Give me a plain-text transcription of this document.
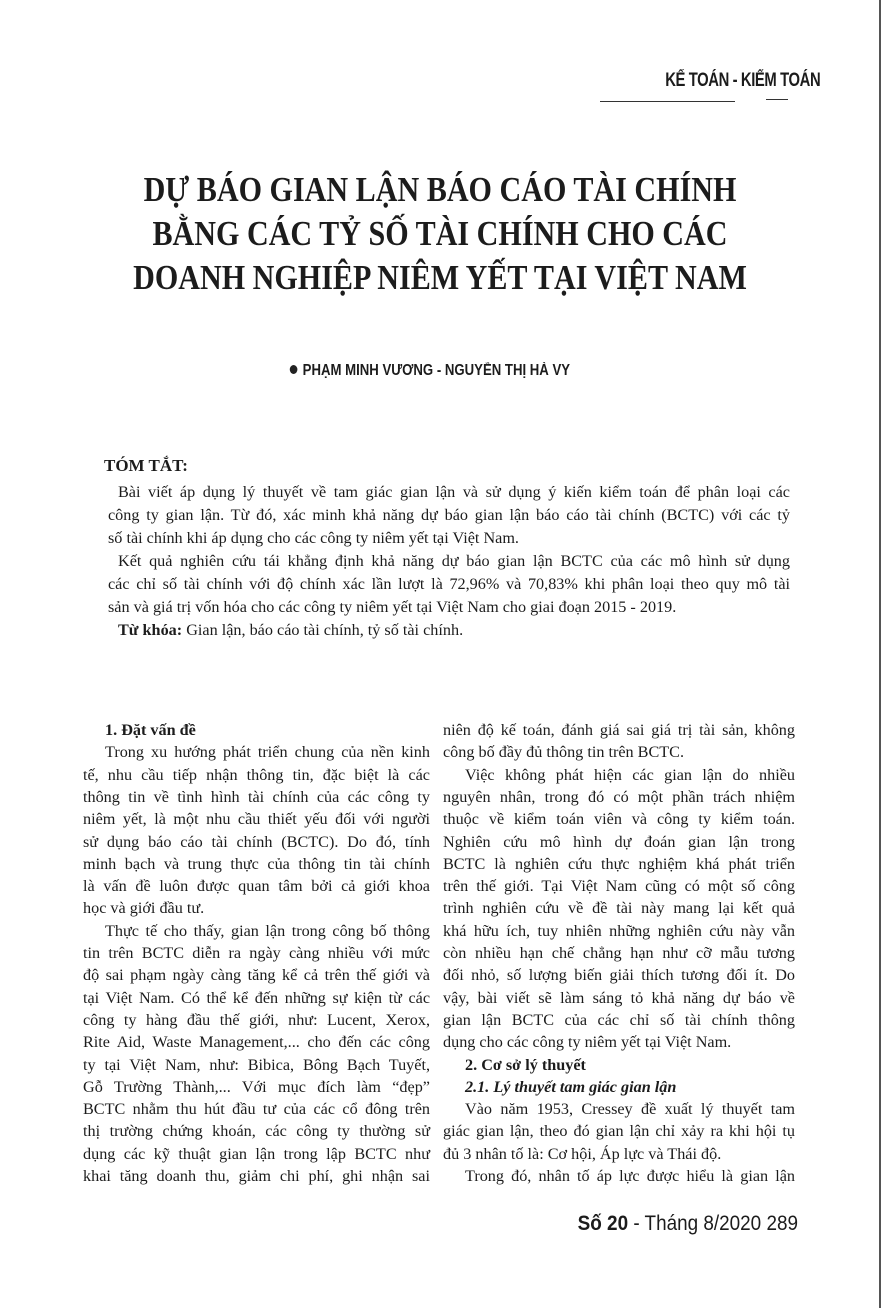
KẾ TOÁN - KIỂM TOÁN
DỰ BÁO GIAN LẬN BÁO CÁO TÀI CHÍNH
BẰNG CÁC TỶ SỐ TÀI CHÍNH CHO CÁC
DOANH NGHIỆP NIÊM YẾT TẠI VIỆT NAM
PHẠM MINH VƯƠNG - NGUYỄN THỊ HÀ VY
TÓM TẮT:
Bài viết áp dụng lý thuyết về tam giác gian lận và sử dụng ý kiến kiểm toán để phân loại các
công ty gian lận. Từ đó, xác minh khả năng dự báo gian lận báo cáo tài chính (BCTC) với các tỷ
số tài chính khi áp dụng cho các công ty niêm yết tại Việt Nam.
Kết quả nghiên cứu tái khẳng định khả năng dự báo gian lận BCTC của các mô hình sử dụng
các chỉ số tài chính với độ chính xác lần lượt là 72,96% và 70,83% khi phân loại theo quy mô tài
sản và giá trị vốn hóa cho các công ty niêm yết tại Việt Nam cho giai đoạn 2015 - 2019.
Từ khóa: Gian lận, báo cáo tài chính, tỷ số tài chính.
1. Đặt vấn đề
Trong xu hướng phát triển chung của nền kinh
tế, nhu cầu tiếp nhận thông tin, đặc biệt là các
thông tin về tình hình tài chính của các công ty
niêm yết, là một nhu cầu thiết yếu đối với người
sử dụng báo cáo tài chính (BCTC). Do đó, tính
minh bạch và trung thực của thông tin tài chính
là vấn đề luôn được quan tâm bởi cả giới khoa
học và giới đầu tư.
Thực tế cho thấy, gian lận trong công bố thông
tin trên BCTC diễn ra ngày càng nhiều với mức
độ sai phạm ngày càng tăng kể cả trên thế giới và
tại Việt Nam. Có thể kể đến những sự kiện từ các
công ty hàng đầu thế giới, như: Lucent, Xerox,
Rite Aid, Waste Management,... cho đến các công
ty tại Việt Nam, như: Bibica, Bông Bạch Tuyết,
Gỗ Trường Thành,... Với mục đích làm “đẹp”
BCTC nhằm thu hút đầu tư của các cổ đông trên
thị trường chứng khoán, các công ty thường sử
dụng các kỹ thuật gian lận trong lập BCTC như
khai tăng doanh thu, giảm chi phí, ghi nhận sai
niên độ kế toán, đánh giá sai giá trị tài sản, không
công bố đầy đủ thông tin trên BCTC.
Việc không phát hiện các gian lận do nhiều
nguyên nhân, trong đó có một phần trách nhiệm
thuộc về kiểm toán viên và công ty kiểm toán.
Nghiên cứu mô hình dự đoán gian lận trong
BCTC là nghiên cứu thực nghiệm khá phát triển
trên thế giới. Tại Việt Nam cũng có một số công
trình nghiên cứu về đề tài này mang lại kết quả
khá hữu ích, tuy nhiên những nghiên cứu này vẫn
còn nhiều hạn chế chẳng hạn như cỡ mẫu tương
đối nhỏ, số lượng biến giải thích tương đối ít. Do
vậy, bài viết sẽ làm sáng tỏ khả năng dự báo về
gian lận BCTC của các chỉ số tài chính thông
dụng cho các công ty niêm yết tại Việt Nam.
2. Cơ sở lý thuyết
2.1. Lý thuyết tam giác gian lận
Vào năm 1953, Cressey đề xuất lý thuyết tam
giác gian lận, theo đó gian lận chỉ xảy ra khi hội tụ
đủ 3 nhân tố là: Cơ hội, Áp lực và Thái độ.
Trong đó, nhân tố áp lực được hiểu là gian lận
Số 20 - Tháng 8/2020 289
